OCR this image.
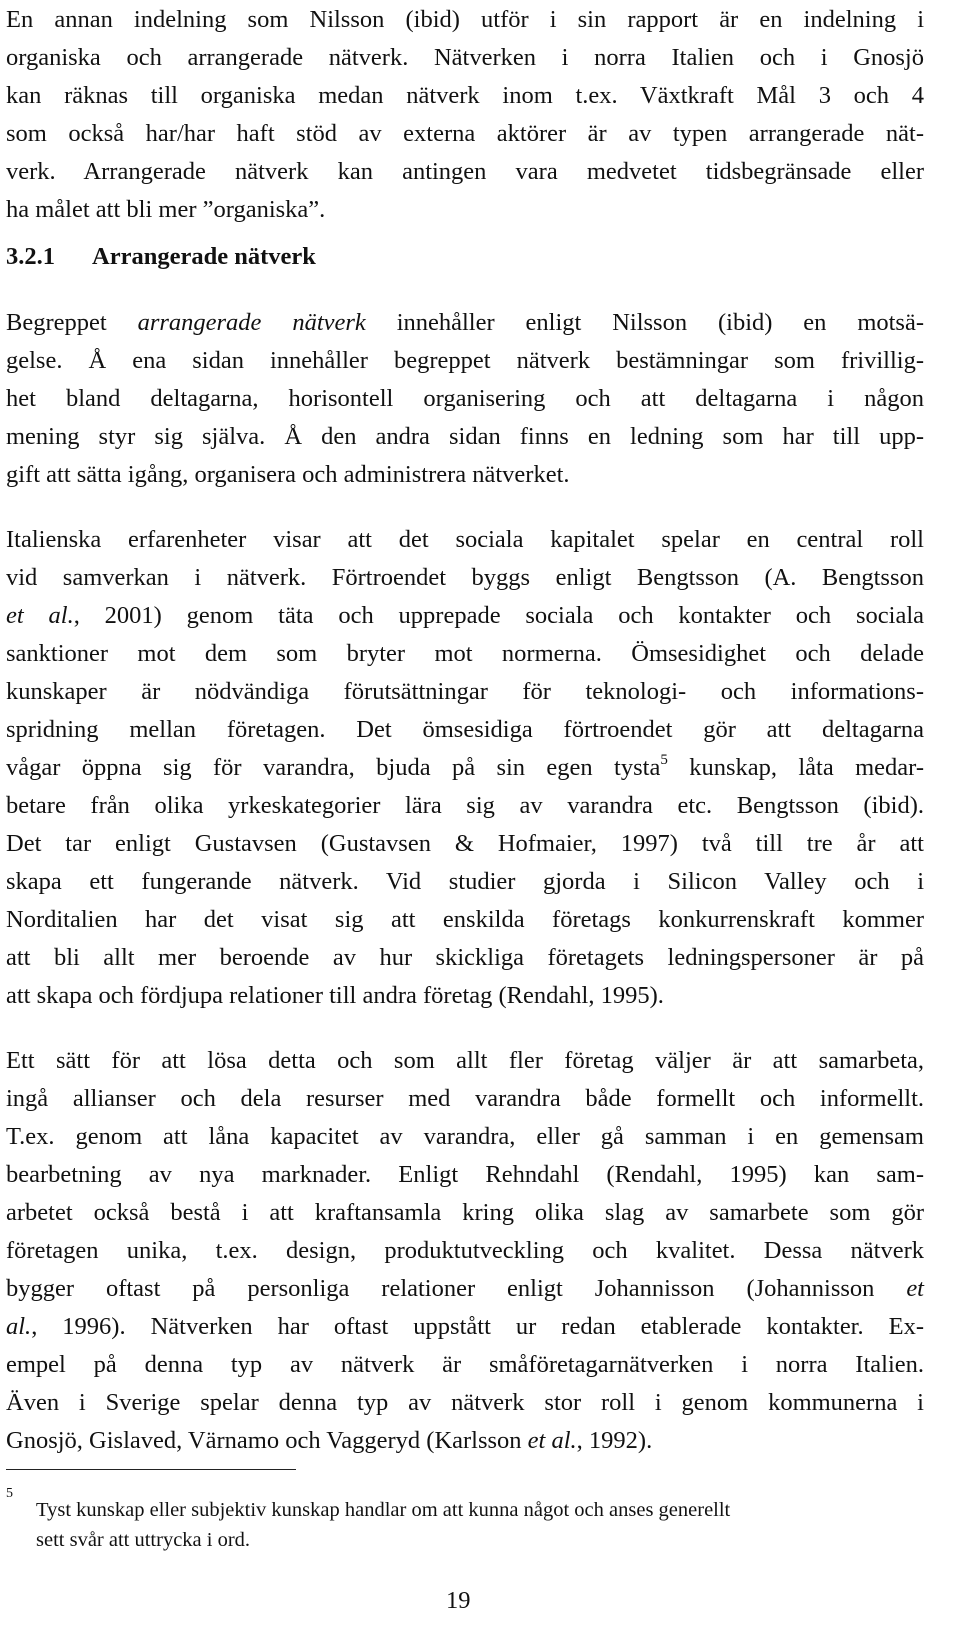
En annan indelning som Nilsson (ibid) utför i sin rapport är en indelning i
organiska och arrangerade nätverk. Nätverken i norra Italien och i Gnosjö
kan räknas till organiska medan nätverk inom t.ex. Växtkraft Mål 3 och 4
som också har/har haft stöd av externa aktörer är av typen arrangerade nät-
verk. Arrangerade nätverk kan antingen vara medvetet tidsbegränsade eller
ha målet att bli mer ”organiska”.
3.2.1 Arrangerade nätverk
Begreppet arrangerade nätverk innehåller enligt Nilsson (ibid) en motsä-
gelse. Å ena sidan innehåller begreppet nätverk bestämningar som frivillig-
het bland deltagarna, horisontell organisering och att deltagarna i någon
mening styr sig själva. Å den andra sidan finns en ledning som har till upp-
gift att sätta igång, organisera och administrera nätverket.
Italienska erfarenheter visar att det sociala kapitalet spelar en central roll
vid samverkan i nätverk. Förtroendet byggs enligt Bengtsson (A. Bengtsson
et al., 2001) genom täta och upprepade sociala och kontakter och sociala
sanktioner mot dem som bryter mot normerna. Ömsesidighet och delade
kunskaper är nödvändiga förutsättningar för teknologi- och informations-
spridning mellan företagen. Det ömsesidiga förtroendet gör att deltagarna
vågar öppna sig för varandra, bjuda på sin egen tysta$^5$ kunskap, låta medar-
betare från olika yrkeskategorier lära sig av varandra etc. Bengtsson (ibid).
Det tar enligt Gustavsen (Gustavsen & Hofmaier, 1997) två till tre år att
skapa ett fungerande nätverk. Vid studier gjorda i Silicon Valley och i
Norditalien har det visat sig att enskilda företags konkurrenskraft kommer
att bli allt mer beroende av hur skickliga företagets ledningspersoner är på
att skapa och fördjupa relationer till andra företag (Rendahl, 1995).
Ett sätt för att lösa detta och som allt fler företag väljer är att samarbeta,
ingå allianser och dela resurser med varandra både formellt och informellt.
T.ex. genom att låna kapacitet av varandra, eller gå samman i en gemensam
bearbetning av nya marknader. Enligt Rehndahl (Rendahl, 1995) kan sam-
arbetet också bestå i att kraftansamla kring olika slag av samarbete som gör
företagen unika, t.ex. design, produktutveckling och kvalitet. Dessa nätverk
bygger oftast på personliga relationer enligt Johannisson (Johannisson et
al., 1996). Nätverken har oftast uppstått ur redan etablerade kontakter. Ex-
empel på denna typ av nätverk är småföretagarnätverken i norra Italien.
Även i Sverige spelar denna typ av nätverk stor roll i genom kommunerna i
Gnosjö, Gislaved, Värnamo och Vaggeryd (Karlsson et al., 1992).
5
Tyst kunskap eller subjektiv kunskap handlar om att kunna något och anses generellt
sett svår att uttrycka i ord.
19
